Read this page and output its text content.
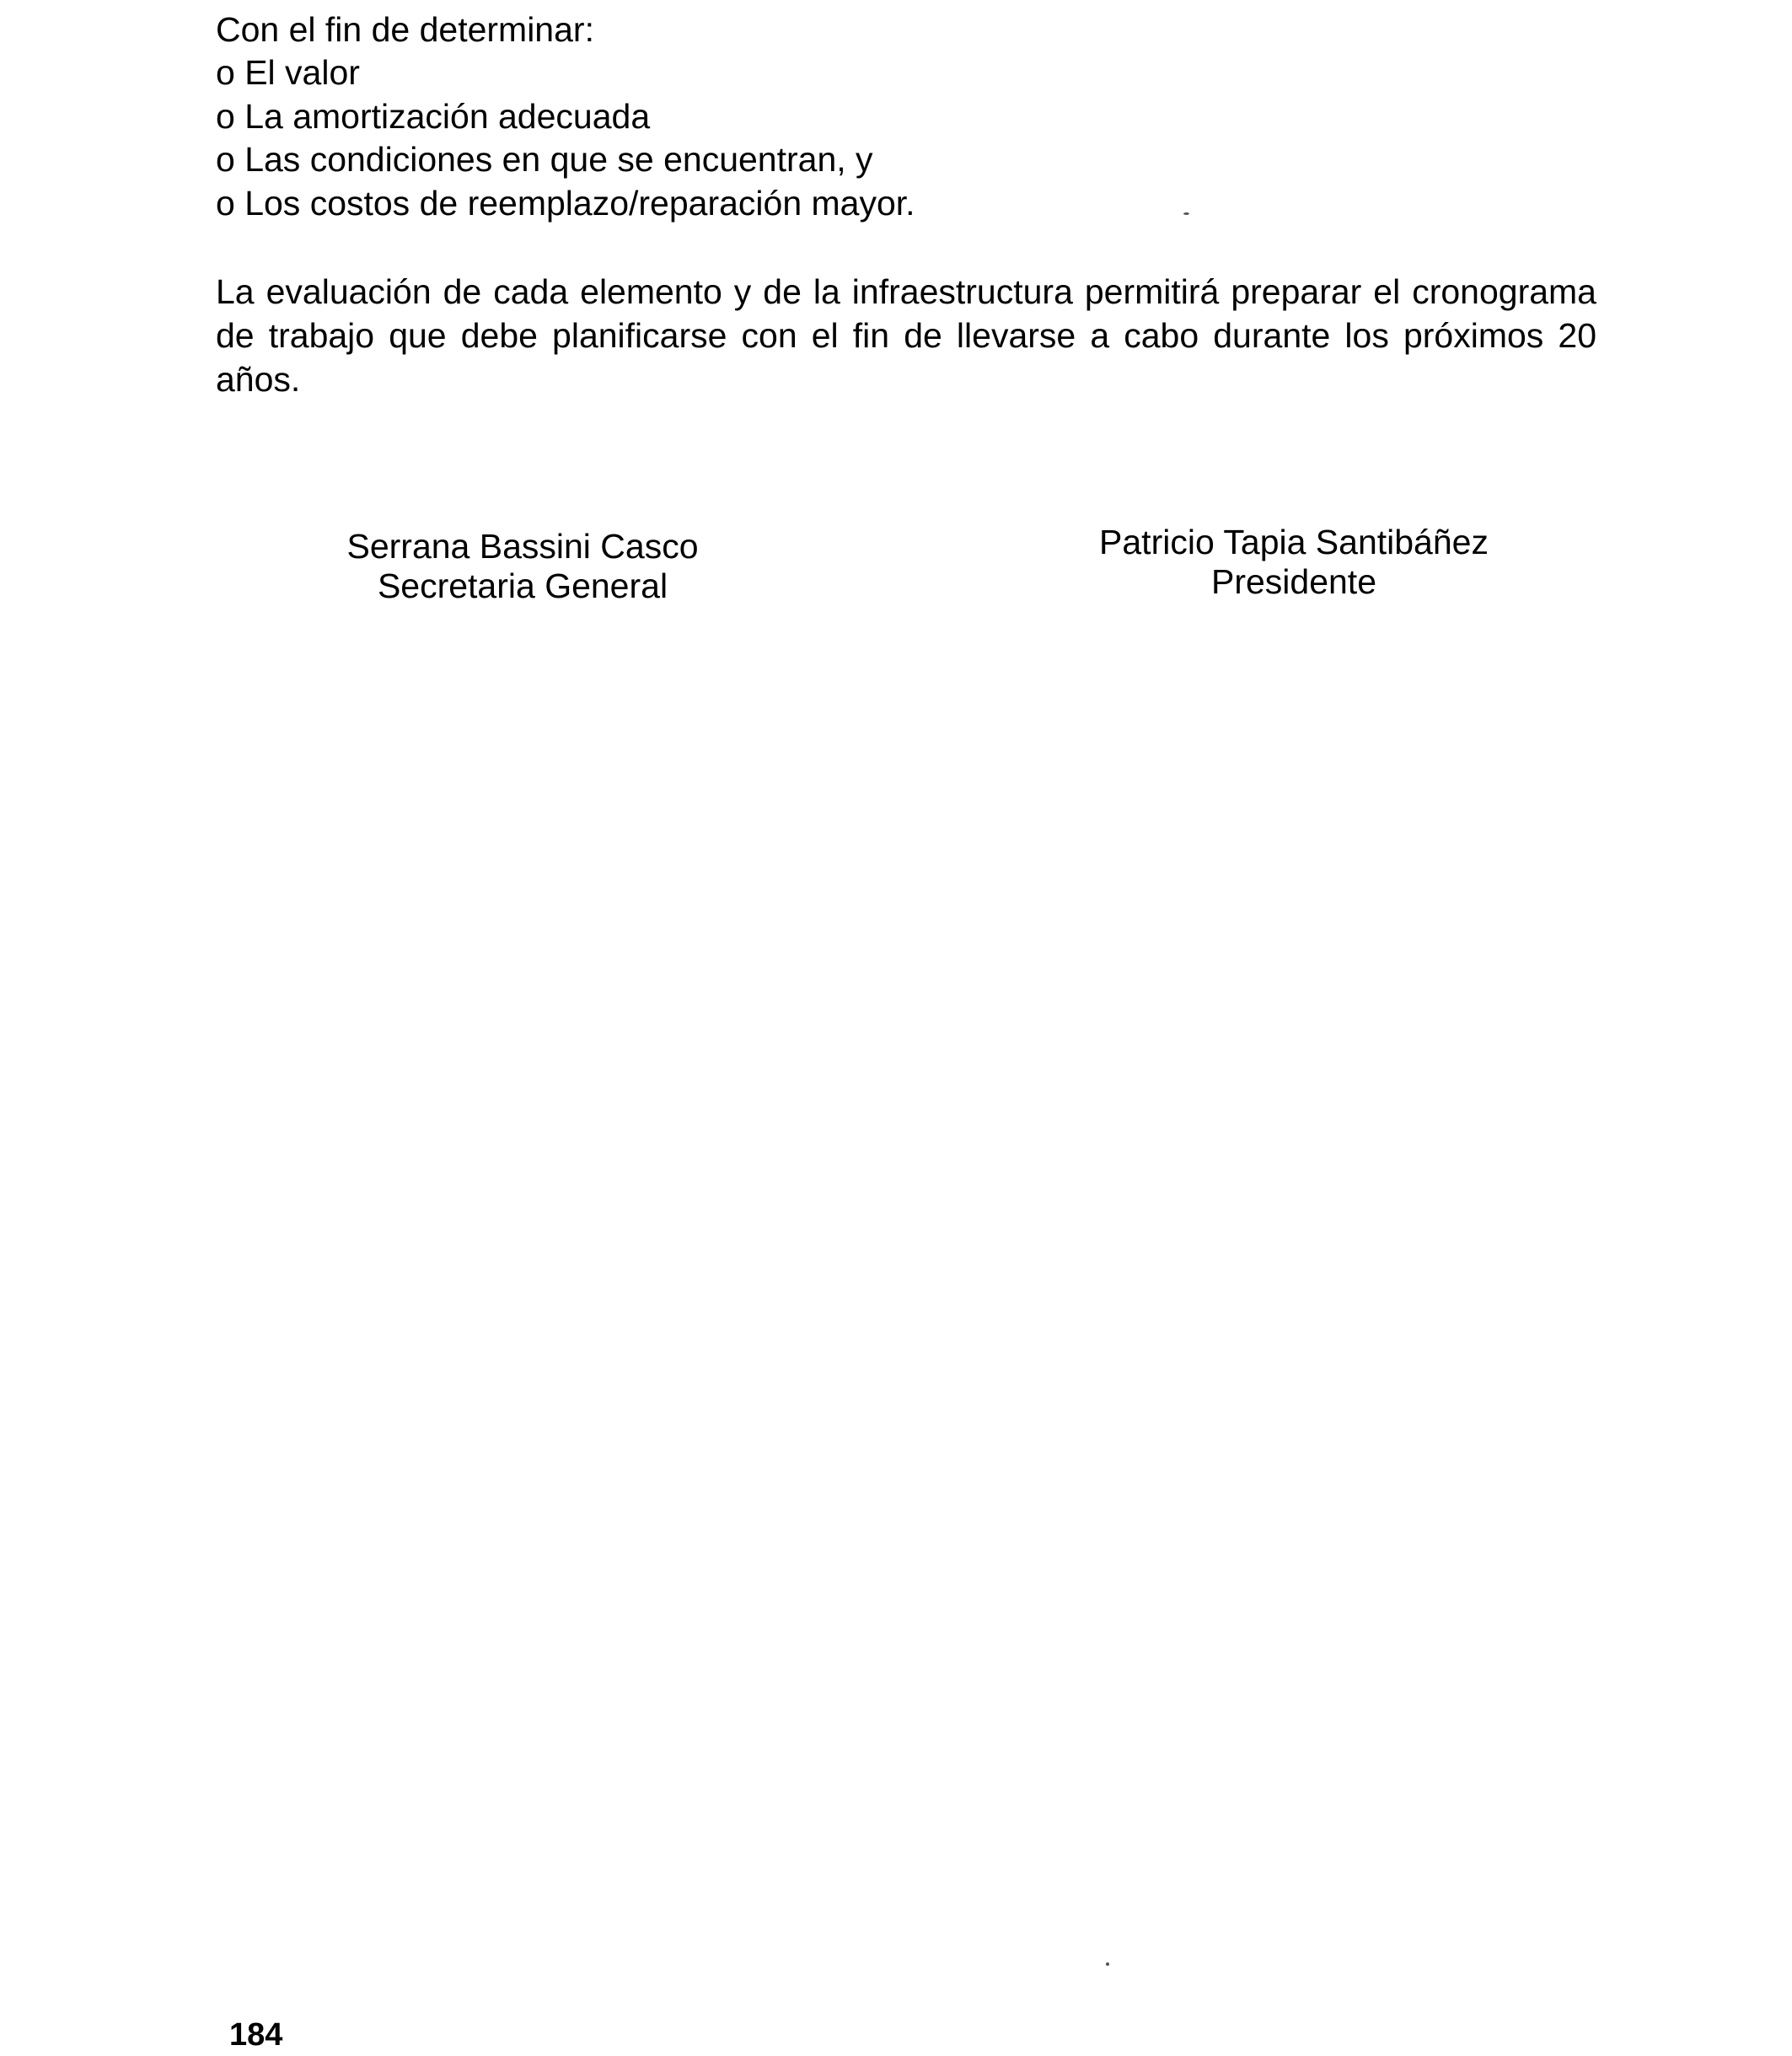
Con el fin de determinar:

o El valor
o La amortización adecuada
o Las condiciones en que se encuentran, y
o Los costos de reemplazo/reparación mayor.

La evaluación de cada elemento y de la infraestructura permitirá preparar el cronograma de trabajo que debe planificarse con el fin de llevarse a cabo durante los próximos 20 años.

Serrana Bassini Casco
Secretaria General
Patricio Tapia Santibáñez
Presidente
184
